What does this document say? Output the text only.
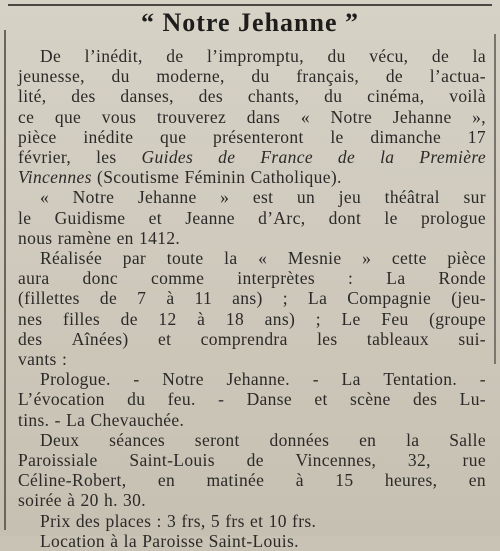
“ Notre Jehanne ”
De l’inédit, de l’impromptu, du vécu, de la
jeunesse, du moderne, du français, de l’actua-
lité, des danses, des chants, du cinéma, voilà
ce que vous trouverez dans « Notre Jehanne »,
pièce inédite que présenteront le dimanche 17
février, les Guides de France de la Première
Vincennes (Scoutisme Féminin Catholique).
« Notre Jehanne » est un jeu théâtral sur
le Guidisme et Jeanne d’Arc, dont le prologue
nous ramène en 1412.
Réalisée par toute la « Mesnie » cette pièce
aura donc comme interprètes : La Ronde
(fillettes de 7 à 11 ans) ; La Compagnie (jeu-
nes filles de 12 à 18 ans) ; Le Feu (groupe
des Aînées) et comprendra les tableaux sui-
vants :
Prologue. - Notre Jehanne. - La Tentation. -
L’évocation du feu. - Danse et scène des Lu-
tins. - La Chevauchée.
Deux séances seront données en la Salle
Paroissiale Saint-Louis de Vincennes, 32, rue
Céline-Robert, en matinée à 15 heures, en
soirée à 20 h. 30.
Prix des places : 3 frs, 5 frs et 10 frs.
Location à la Paroisse Saint-Louis.
